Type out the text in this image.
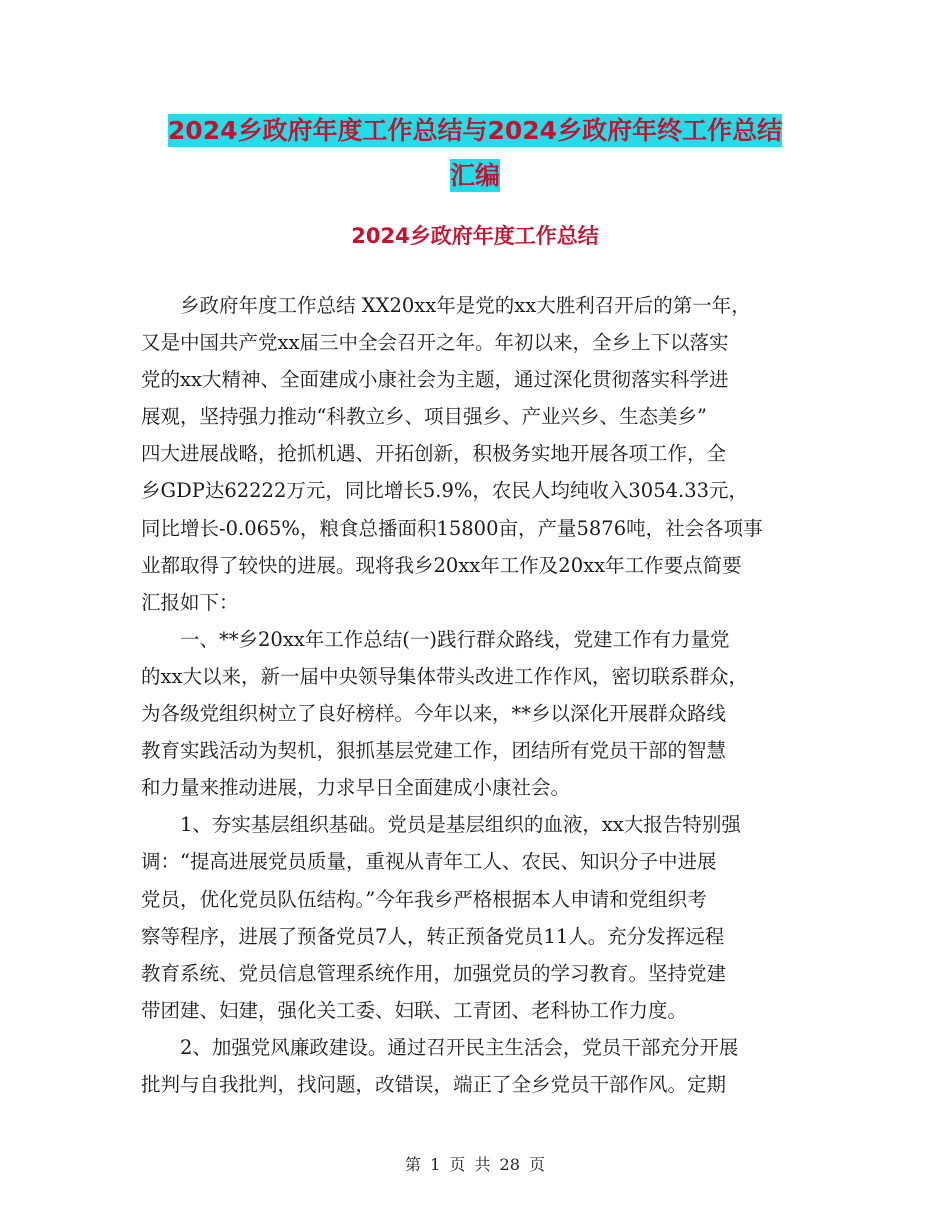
2024乡政府年度工作总结与2024乡政府年终工作总结
汇编
2024乡政府年度工作总结
乡政府年度工作总结 XX20xx年是党的xx大胜利召开后的第一年，
又是中国共产党xx届三中全会召开之年。年初以来，全乡上下以落实
党的xx大精神、全面建成小康社会为主题，通过深化贯彻落实科学进
展观，坚持强力推动“科教立乡、项目强乡、产业兴乡、生态美乡”
四大进展战略，抢抓机遇、开拓创新，积极务实地开展各项工作，全
乡GDP达62222万元，同比增长5.9%，农民人均纯收入3054.33元，
同比增长-0.065%，粮食总播面积15800亩，产量5876吨，社会各项事
业都取得了较快的进展。现将我乡20xx年工作及20xx年工作要点简要
汇报如下：
一、**乡20xx年工作总结(一)践行群众路线，党建工作有力量党
的xx大以来，新一届中央领导集体带头改进工作作风，密切联系群众，
为各级党组织树立了良好榜样。今年以来，**乡以深化开展群众路线
教育实践活动为契机，狠抓基层党建工作，团结所有党员干部的智慧
和力量来推动进展，力求早日全面建成小康社会。
1、夯实基层组织基础。党员是基层组织的血液，xx大报告特别强
调：“提高进展党员质量，重视从青年工人、农民、知识分子中进展
党员，优化党员队伍结构。”今年我乡严格根据本人申请和党组织考
察等程序，进展了预备党员7人，转正预备党员11人。充分发挥远程
教育系统、党员信息管理系统作用，加强党员的学习教育。坚持党建
带团建、妇建，强化关工委、妇联、工青团、老科协工作力度。
2、加强党风廉政建设。通过召开民主生活会，党员干部充分开展
批判与自我批判，找问题，改错误，端正了全乡党员干部作风。定期
第 1 页 共 28 页
